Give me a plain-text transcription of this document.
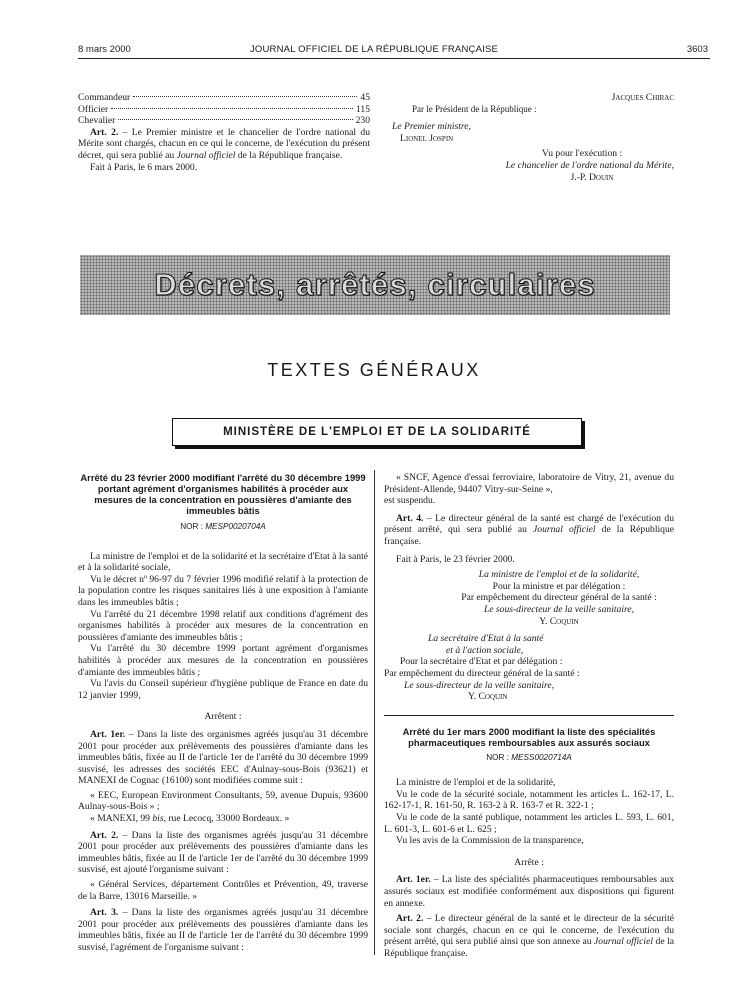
8 mars 2000	JOURNAL OFFICIEL DE LA RÉPUBLIQUE FRANÇAISE	3603
Commandeur	45
Officier	115
Chevalier	230

Art. 2. – Le Premier ministre et le chancelier de l'ordre national du Mérite sont chargés, chacun en ce qui le concerne, de l'exécution du présent décret, qui sera publié au Journal officiel de la République française.

Fait à Paris, le 6 mars 2000.

Jacques Chirac

Par le Président de la République :

Le Premier ministre,

Lionel Jospin

Vu pour l'exécution :

Le chancelier de l'ordre national du Mérite,

J.-P. Douin

Décrets, arrêtés, circulaires
TEXTES GÉNÉRAUX
MINISTÈRE DE L'EMPLOI ET DE LA SOLIDARITÉ

Arrêté du 23 février 2000 modifiant l'arrêté du 30 décembre 1999 portant agrément d'organismes habilités à procéder aux mesures de la concentration en poussières d'amiante des immeubles bâtis

NOR : MESP0020704A

La ministre de l'emploi et de la solidarité et la secrétaire d'Etat à la santé et à la solidarité sociale,

Vu le décret nº 96-97 du 7 février 1996 modifié relatif à la protection de la population contre les risques sanitaires liés à une exposition à l'amiante dans les immeubles bâtis ;

Vu l'arrêté du 21 décembre 1998 relatif aux conditions d'agrément des organismes habilités à procéder aux mesures de la concentration en poussières d'amiante des immeubles bâtis ;

Vu l'arrêté du 30 décembre 1999 portant agrément d'organismes habilités à procéder aux mesures de la concentration en poussières d'amiante des immeubles bâtis ;

Vu l'avis du Conseil supérieur d'hygiène publique de France en date du 12 janvier 1999,

Arrêtent :

Art. 1er. – Dans la liste des organismes agréés jusqu'au 31 décembre 2001 pour procéder aux prélèvements des poussières d'amiante dans les immeubles bâtis, fixée au II de l'article 1er de l'arrêté du 30 décembre 1999 susvisé, les adresses des sociétés EEC d'Aulnay-sous-Bois (93621) et MANEXI de Cognac (16100) sont modifiées comme suit :

« EEC, European Environment Consultants, 59, avenue Dupuis, 93600 Aulnay-sous-Bois » ;

« MANEXI, 99 bis, rue Lecocq, 33000 Bordeaux. »

Art. 2. – Dans la liste des organismes agréés jusqu'au 31 décembre 2001 pour procéder aux prélèvements des poussières d'amiante dans les immeubles bâtis, fixée au II de l'article 1er de l'arrêté du 30 décembre 1999 susvisé, est ajouté l'organisme suivant :

« Général Services, département Contrôles et Prévention, 49, traverse de la Barre, 13016 Marseille. »

Art. 3. – Dans la liste des organismes agréés jusqu'au 31 décembre 2001 pour procéder aux prélèvements des poussières d'amiante dans les immeubles bâtis, fixée au II de l'article 1er de l'arrêté du 30 décembre 1999 susvisé, l'agrément de l'organisme suivant :

« SNCF, Agence d'essai ferroviaire, laboratoire de Vitry, 21, avenue du Président-Allende, 94407 Vitry-sur-Seine »,

est suspendu.

Art. 4. – Le directeur général de la santé est chargé de l'exécution du présent arrêté, qui sera publié au Journal officiel de la République française.

Fait à Paris, le 23 février 2000.

La ministre de l'emploi et de la solidarité,

Pour la ministre et par délégation :

Par empêchement du directeur général de la santé :

Le sous-directeur de la veille sanitaire,

Y. Coquin

La secrétaire d'Etat à la santé

et à l'action sociale,

Pour la secrétaire d'Etat et par délégation :

Par empêchement du directeur général de la santé :

Le sous-directeur de la veille sanitaire,

Y. Coquin

Arrêté du 1er mars 2000 modifiant la liste des spécialités pharmaceutiques remboursables aux assurés sociaux

NOR : MESS0020714A

La ministre de l'emploi et de la solidarité,

Vu le code de la sécurité sociale, notamment les articles L. 162-17, L. 162-17-1, R. 161-50, R. 163-2 à R. 163-7 et R. 322-1 ;

Vu le code de la santé publique, notamment les articles L. 593, L. 601, L. 601-3, L. 601-6 et L. 625 ;

Vu les avis de la Commission de la transparence,

Arrête :

Art. 1er. – La liste des spécialités pharmaceutiques remboursables aux assurés sociaux est modifiée conformément aux dispositions qui figurent en annexe.

Art. 2. – Le directeur général de la santé et le directeur de la sécurité sociale sont chargés, chacun en ce qui le concerne, de l'exécution du présent arrêté, qui sera publié ainsi que son annexe au Journal officiel de la République française.
